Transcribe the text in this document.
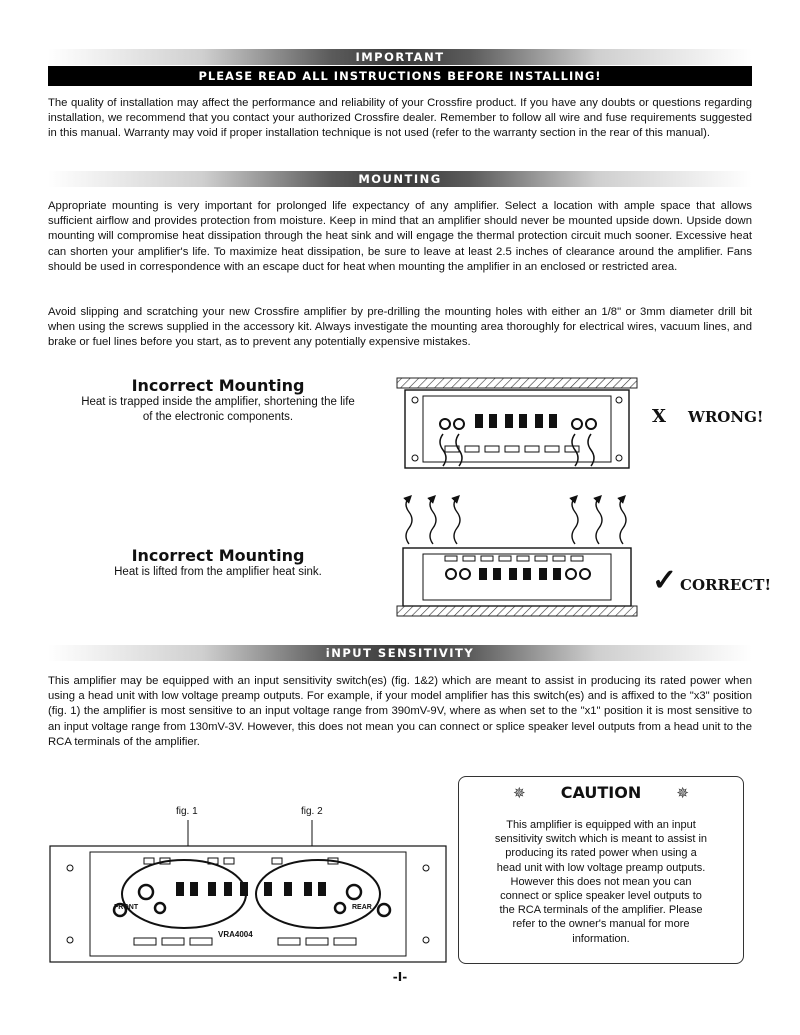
IMPORTANT
PLEASE READ ALL INSTRUCTIONS BEFORE INSTALLING!

The quality of installation may affect the performance and reliability of your Crossfire product. If you have any doubts or questions regarding installation, we recommend that you contact your authorized Crossfire dealer. Remember to follow all wire and fuse requirements suggested in this manual. Warranty may void if proper installation technique is not used (refer to the warranty section in the rear of this manual).

MOUNTING

Appropriate mounting is very important for prolonged life expectancy of any amplifier. Select a location with ample space that allows sufficient airflow and provides protection from moisture. Keep in mind that an amplifier should never be mounted upside down. Upside down mounting will compromise heat dissipation through the heat sink and will engage the thermal protection circuit much sooner. Excessive heat can shorten your amplifier's life. To maximize heat dissipation, be sure to leave at least 2.5 inches of clearance around the amplifier. Fans should be used in correspondence with an escape duct for heat when mounting the amplifier in an enclosed or restricted area.

Avoid slipping and scratching your new Crossfire amplifier by pre-drilling the mounting holes with either an 1/8" or 3mm diameter drill bit when using the screws supplied in the accessory kit. Always investigate the mounting area thoroughly for electrical wires, vacuum lines, and brake or fuel lines before you start, as to prevent any potentially expensive mistakes.

Incorrect Mounting
Heat is trapped inside the amplifier, shortening the life
of the electronic components.	X WRONG!
Incorrect Mounting
Heat is lifted from the amplifier heat sink.	✓ CORRECT!
iNPUT SENSITIVITY

This amplifier may be equipped with an input sensitivity switch(es) (fig. 1&2) which are meant to assist in producing its rated power when using a head unit with low voltage preamp outputs. For example, if your model amplifier has this switch(es) and is affixed to the "x3" position (fig. 1) the amplifier is most sensitive to an input voltage range from 390mV-9V, where as when set to the "x1" position it is most sensitive to an input voltage range from 130mV-3V. However, this does not mean you can connect or splice speaker level outputs from a head unit to the RCA terminals of the amplifier.

fig. 1	fig. 2
FRONT	REAR
VRA4004
✵	CAUTION	✵
This amplifier is equipped with an input sensitivity switch which is meant to assist in producing its rated power when using a head unit with low voltage preamp outputs. However this does not mean you can connect or splice speaker level outputs to the RCA terminals of the amplifier. Please refer to the owner's manual for more information.
-I-
